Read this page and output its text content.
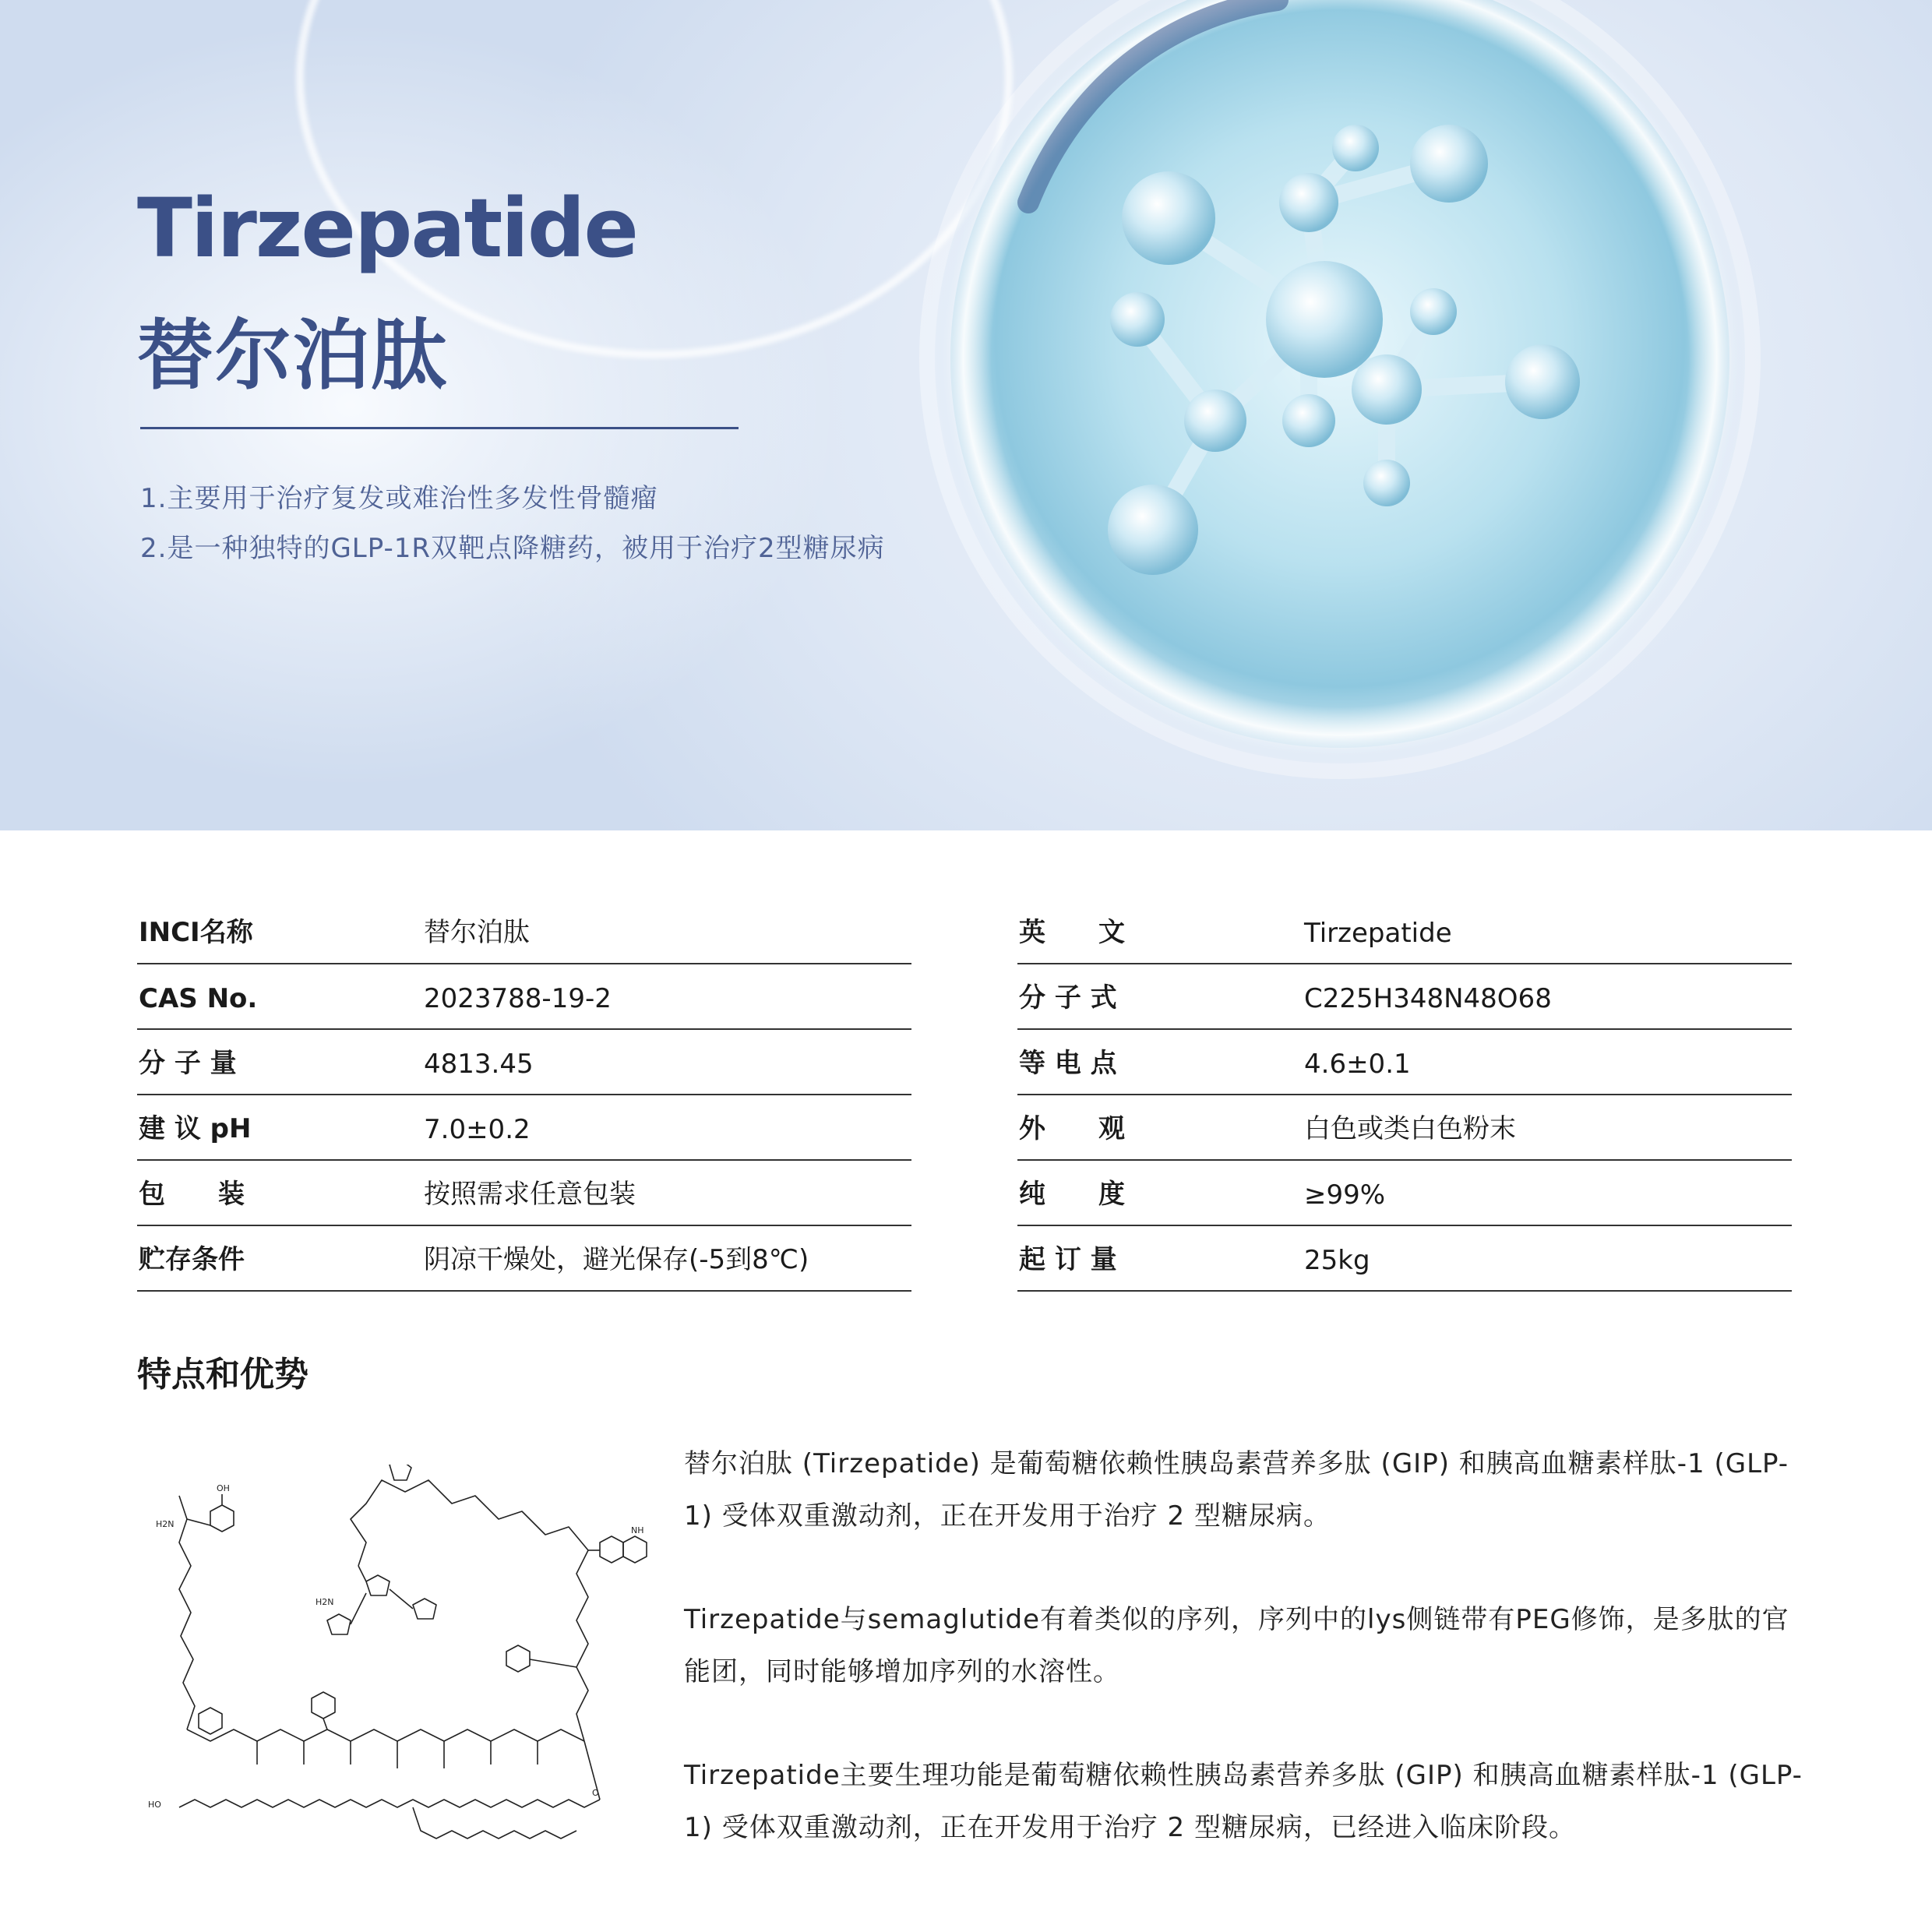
Tirzepatide
替尔泊肽

1.主要用于治疗复发或难治性多发性骨髓瘤

2.是一种独特的GLP-1R双靶点降糖药，被用于治疗2型糖尿病

INCI名称	替尔泊肽
CAS No.	2023788-19-2
分 子 量	4813.45
建 议 pH	7.0±0.2
包　　装	按照需求任意包装
贮存条件	阴凉干燥处，避光保存(-5到8℃)
英　　文	Tirzepatide
分 子 式	C225H348N48O68
等 电 点	4.6±0.1
外　　观	白色或类白色粉末
纯　　度	≥99%
起 订 量	25kg
特点和优势
OH
H2N
HO
O
NH
H2N

替尔泊肽 (Tirzepatide) 是葡萄糖依赖性胰岛素营养多肽 (GIP) 和胰高血糖素样肽-1 (GLP-1) 受体双重激动剂，正在开发用于治疗 2 型糖尿病。

Tirzepatide与semaglutide有着类似的序列，序列中的lys侧链带有PEG修饰，是多肽的官能团，同时能够增加序列的水溶性。

Tirzepatide主要生理功能是葡萄糖依赖性胰岛素营养多肽 (GIP) 和胰高血糖素样肽-1 (GLP-1) 受体双重激动剂，正在开发用于治疗 2 型糖尿病，已经进入临床阶段。
